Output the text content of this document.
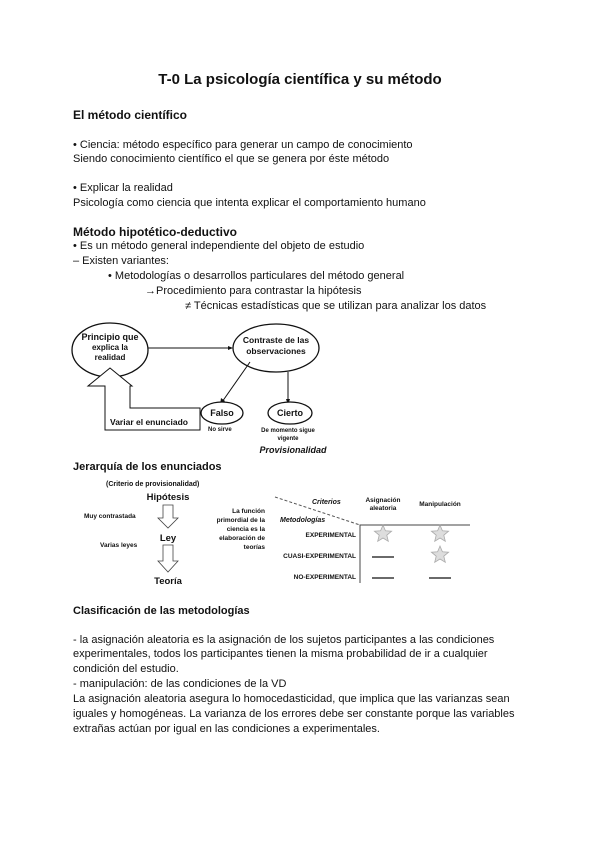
T-0 La psicología científica y su método
El método científico
• Ciencia: método específico para generar un campo de conocimiento
Siendo conocimiento científico el que se genera por éste método
• Explicar la realidad
Psicología como ciencia que intenta explicar el comportamiento humano
Método hipotético-deductivo
• Es un método general independiente del objeto de estudio
– Existen variantes:
• Metodologías o desarrollos particulares del método general
→Procedimiento para contrastar la hipótesis
≠ Técnicas estadísticas que se utilizan para analizar los datos
Principio que
explica la
realidad
Contraste de las
observaciones
Variar el enunciado
Falso
No sirve
Cierto
De momento sigue
vigente
Provisionalidad
Jerarquía de los enunciados
(Criterio de provisionalidad)
Hipótesis
Ley
Teoría
Muy contrastada
Varias leyes
La función
primordial de la
ciencia es la
elaboración de
teorías
Criterios
Metodologías
Asignación
aleatoria
Manipulación
EXPERIMENTAL
CUASI-EXPERIMENTAL
NO-EXPERIMENTAL
Clasificación de las metodologías
- la asignación aleatoria es la asignación de los sujetos participantes a las condiciones
experimentales, todos los participantes tienen la misma probabilidad de ir a cualquier
condición del estudio.
- manipulación: de las condiciones de la VD
La asignación aleatoria asegura lo homocedasticidad, que implica que las varianzas sean
iguales y homogéneas. La varianza de los errores debe ser constante porque las variables
extrañas actúan por igual en las condiciones a experimentales.
